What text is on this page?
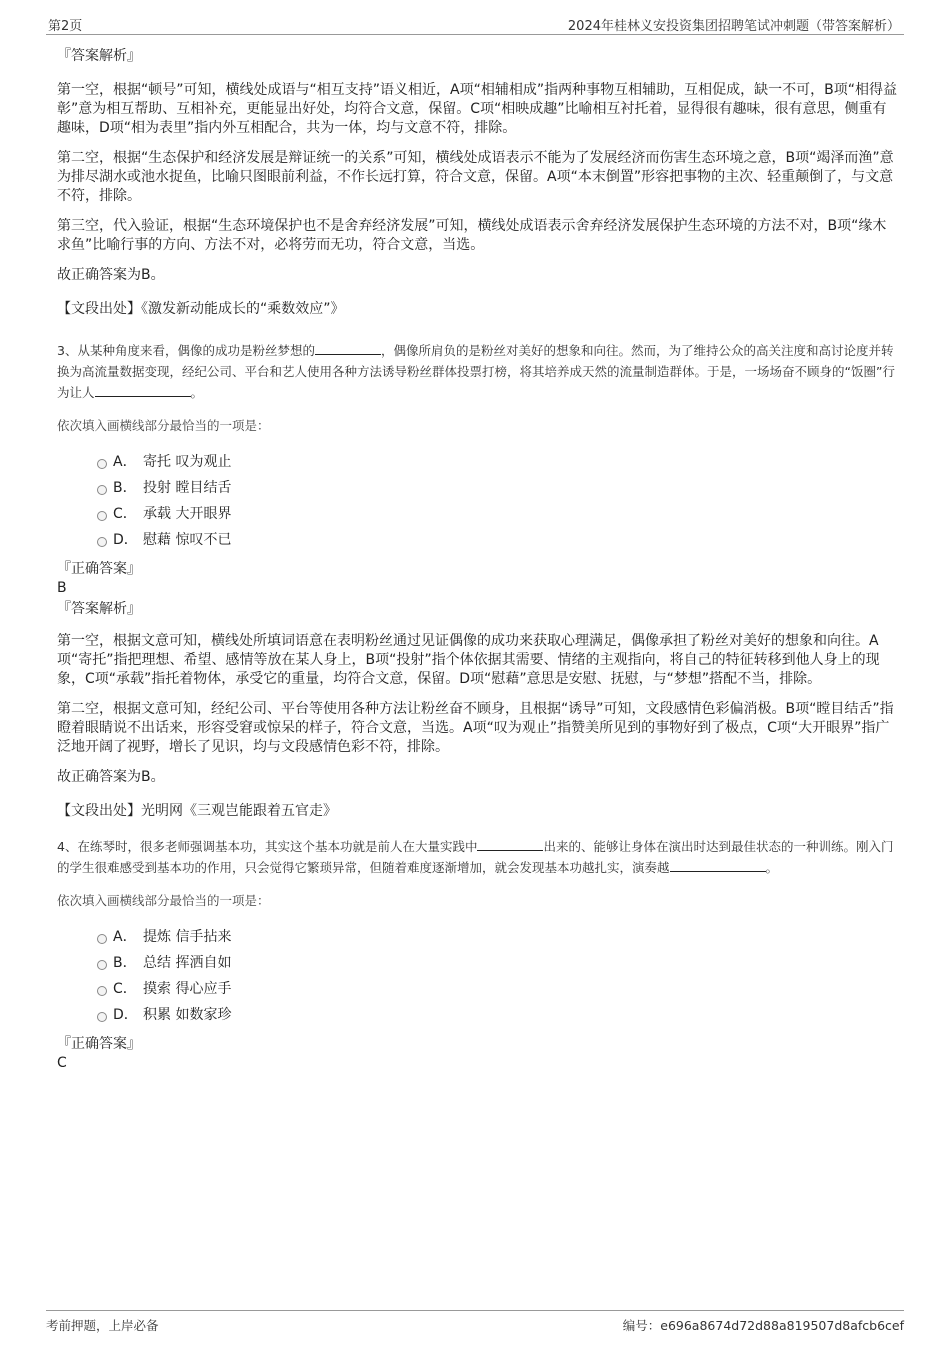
第2页	2024年桂林义安投资集团招聘笔试冲刺题（带答案解析）

『答案解析』

第一空，根据“顿号”可知，横线处成语与“相互支持”语义相近，A项“相辅相成”指两种事物互相辅助，互相促成，缺一不可，B项“相得益彰”意为相互帮助、互相补充，更能显出好处，均符合文意，保留。C项“相映成趣”比喻相互衬托着，显得很有趣味，很有意思，侧重有趣味，D项“相为表里”指内外互相配合，共为一体，均与文意不符，排除。

第二空，根据“生态保护和经济发展是辩证统一的关系”可知，横线处成语表示不能为了发展经济而伤害生态环境之意，B项“竭泽而渔”意为排尽湖水或池水捉鱼，比喻只图眼前利益，不作长远打算，符合文意，保留。A项“本末倒置”形容把事物的主次、轻重颠倒了，与文意不符，排除。

第三空，代入验证，根据“生态环境保护也不是舍弃经济发展”可知，横线处成语表示舍弃经济发展保护生态环境的方法不对，B项“缘木求鱼”比喻行事的方向、方法不对，必将劳而无功，符合文意，当选。

故正确答案为B。

【文段出处】《激发新动能成长的“乘数效应”》

3、从某种角度来看，偶像的成功是粉丝梦想的	，偶像所肩负的是粉丝对美好的想象和向往。然而，为了维持公众的高关注度和高讨论度并转换为高流量数据变现，经纪公司、平台和艺人使用各种方法诱导粉丝群体投票打榜，将其培养成天然的流量制造群体。于是，一场场奋不顾身的“饭圈”行为让人	。

依次填入画横线部分最恰当的一项是：

A． 寄托 叹为观止
B． 投射 瞠目结舌
C． 承载 大开眼界
D． 慰藉 惊叹不已

『正确答案』

B

『答案解析』

第一空，根据文意可知，横线处所填词语意在表明粉丝通过见证偶像的成功来获取心理满足，偶像承担了粉丝对美好的想象和向往。A项“寄托”指把理想、希望、感情等放在某人身上，B项“投射”指个体依据其需要、情绪的主观指向，将自己的特征转移到他人身上的现象，C项“承载”指托着物体，承受它的重量，均符合文意，保留。D项“慰藉”意思是安慰、抚慰，与“梦想”搭配不当，排除。

第二空，根据文意可知，经纪公司、平台等使用各种方法让粉丝奋不顾身，且根据“诱导”可知，文段感情色彩偏消极。B项“瞠目结舌”指瞪着眼睛说不出话来，形容受窘或惊呆的样子，符合文意，当选。A项“叹为观止”指赞美所见到的事物好到了极点，C项“大开眼界”指广泛地开阔了视野，增长了见识，均与文段感情色彩不符，排除。

故正确答案为B。

【文段出处】光明网《三观岂能跟着五官走》

4、在练琴时，很多老师强调基本功，其实这个基本功就是前人在大量实践中	出来的、能够让身体在演出时达到最佳状态的一种训练。刚入门的学生很难感受到基本功的作用，只会觉得它繁琐异常，但随着难度逐渐增加，就会发现基本功越扎实，演奏越	。

依次填入画横线部分最恰当的一项是：

A． 提炼 信手拈来
B． 总结 挥洒自如
C． 摸索 得心应手
D． 积累 如数家珍

『正确答案』

C

考前押题，上岸必备	编号：e696a8674d72d88a819507d8afcb6cef
